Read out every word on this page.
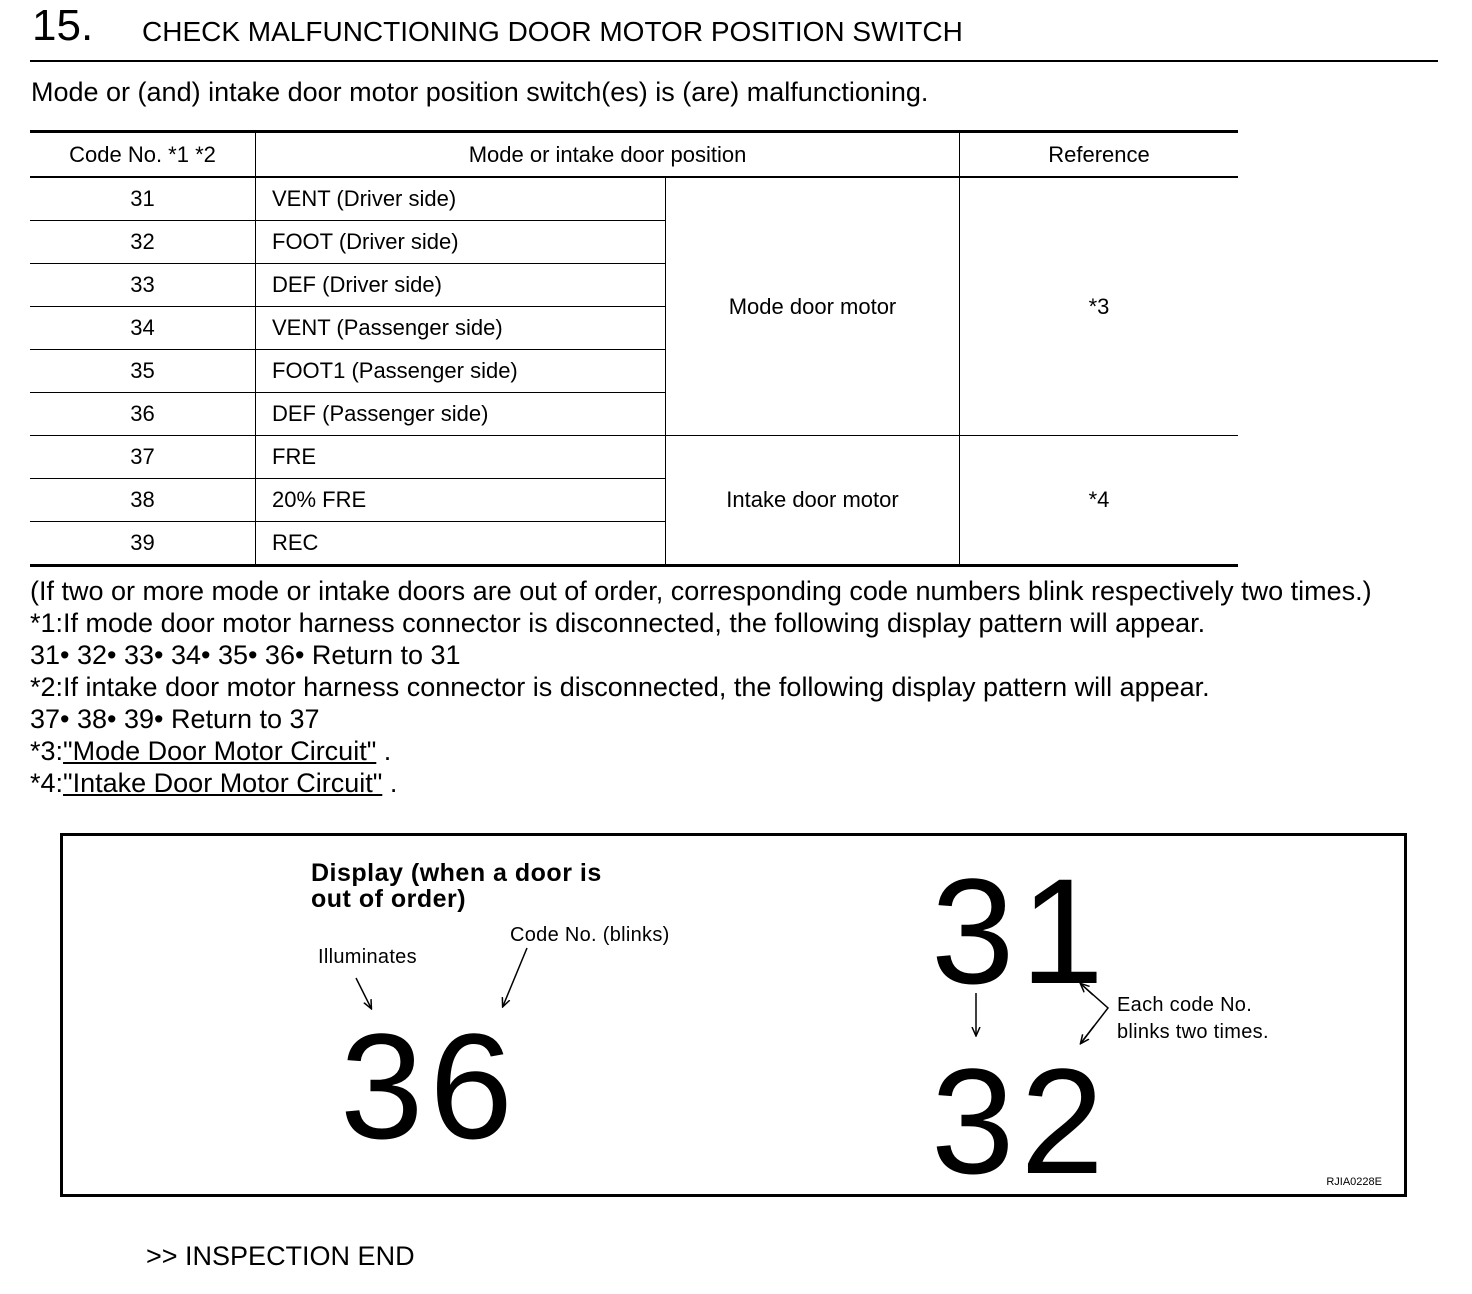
15. CHECK MALFUNCTIONING DOOR MOTOR POSITION SWITCH
Mode or (and) intake door motor position switch(es) is (are) malfunctioning.
Code No. *1 *2	Mode or intake door position		Reference
31	VENT (Driver side)	Mode door motor	*3
32	FOOT (Driver side)		
33	DEF (Driver side)		
34	VENT (Passenger side)		
35	FOOT1 (Passenger side)		
36	DEF (Passenger side)		
37	FRE	Intake door motor	*4
38	20% FRE		
39	REC		

(If two or more mode or intake doors are out of order, corresponding code numbers blink respectively two times.)

*1:If mode door motor harness connector is disconnected, the following display pattern will appear.

31• 32• 33• 34• 35• 36• Return to 31

*2:If intake door motor harness connector is disconnected, the following display pattern will appear.

37• 38• 39• Return to 37

*3:"Mode Door Motor Circuit" .

*4:"Intake Door Motor Circuit" .

Display (when a door is
out of order)
Illuminates
Code No. (blinks)
36
31
32
Each code No.
blinks two times.
RJIA0228E
>> INSPECTION END
